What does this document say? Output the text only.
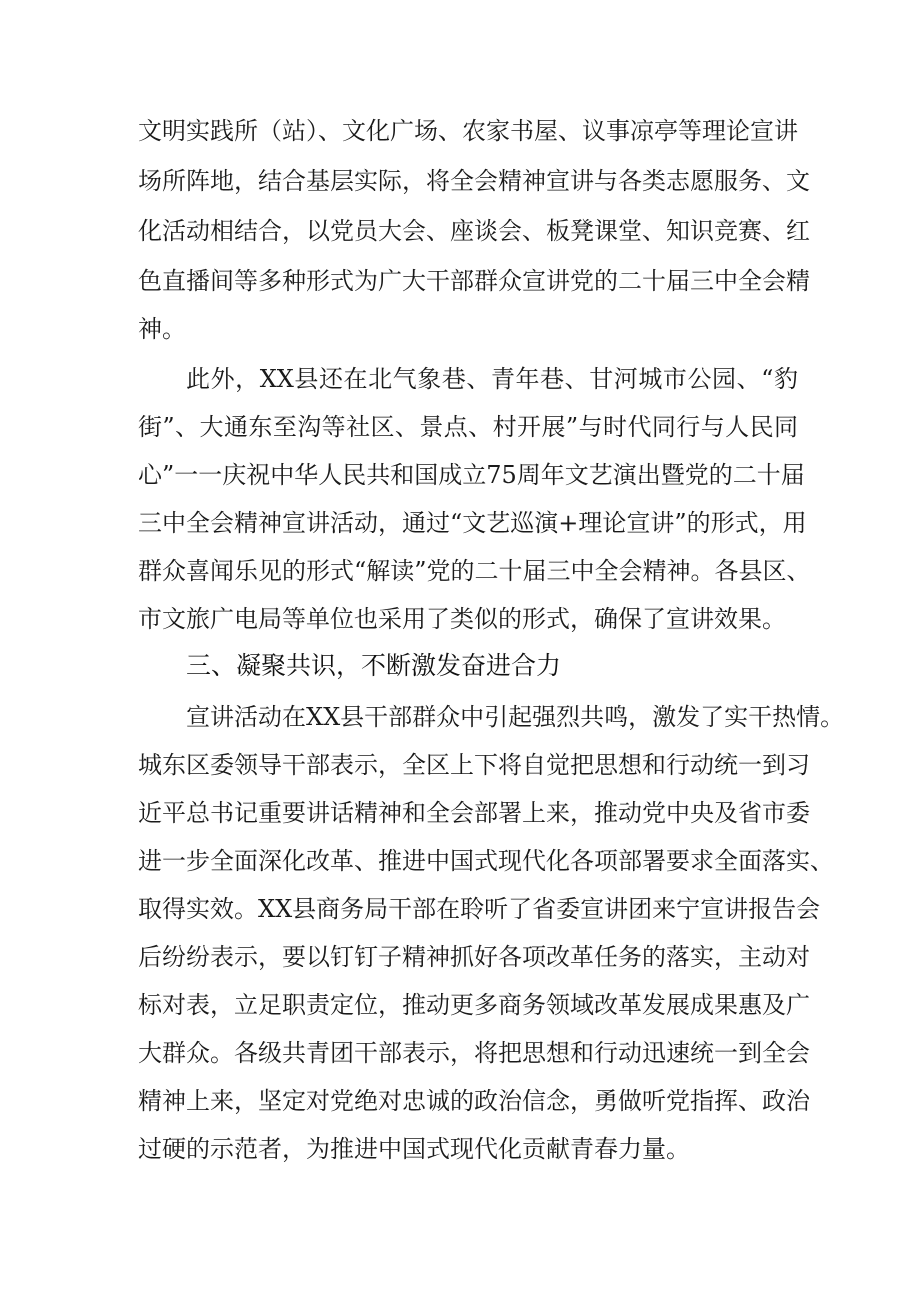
文明实践所（站）、文化广场、农家书屋、议事凉亭等理论宣讲
场所阵地，结合基层实际，将全会精神宣讲与各类志愿服务、文
化活动相结合，以党员大会、座谈会、板凳课堂、知识竞赛、红
色直播间等多种形式为广大干部群众宣讲党的二十届三中全会精
神。
此外，XX县还在北气象巷、青年巷、甘河城市公园、“豹
街”、大通东至沟等社区、景点、村开展”与时代同行与人民同
心”一一庆祝中华人民共和国成立75周年文艺演出暨党的二十届
三中全会精神宣讲活动，通过“文艺巡演+理论宣讲”的形式，用
群众喜闻乐见的形式“解读”党的二十届三中全会精神。各县区、
市文旅广电局等单位也采用了类似的形式，确保了宣讲效果。
三、凝聚共识，不断激发奋进合力
宣讲活动在XX县干部群众中引起强烈共鸣，激发了实干热情。
城东区委领导干部表示，全区上下将自觉把思想和行动统一到习
近平总书记重要讲话精神和全会部署上来，推动党中央及省市委
进一步全面深化改革、推进中国式现代化各项部署要求全面落实、
取得实效。XX县商务局干部在聆听了省委宣讲团来宁宣讲报告会
后纷纷表示，要以钉钉子精神抓好各项改革任务的落实，主动对
标对表，立足职责定位，推动更多商务领域改革发展成果惠及广
大群众。各级共青团干部表示，将把思想和行动迅速统一到全会
精神上来，坚定对党绝对忠诚的政治信念，勇做听党指挥、政治
过硬的示范者，为推进中国式现代化贡献青春力量。
